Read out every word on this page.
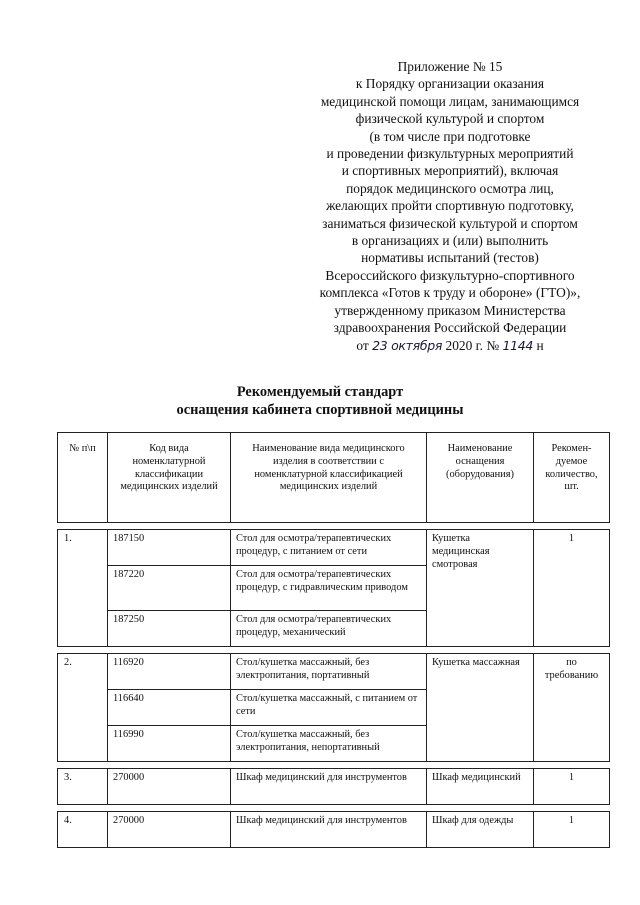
Приложение № 15
к Порядку организации оказания
медицинской помощи лицам, занимающимся
физической культурой и спортом
(в том числе при подготовке
и проведении физкультурных мероприятий
и спортивных мероприятий), включая
порядок медицинского осмотра лиц,
желающих пройти спортивную подготовку,
заниматься физической культурой и спортом
в организациях и (или) выполнить
нормативы испытаний (тестов)
Всероссийского физкультурно-спортивного
комплекса «Готов к труду и обороне» (ГТО)»,
утвержденному приказом Министерства
здравоохранения Российской Федерации
от 23 октября 2020 г. № 1144 н
Рекомендуемый стандарт
оснащения кабинета спортивной медицины
№ п\п	Код вида номенклатурной классификации медицинских изделий	Наименование вида медицинского изделия в соответствии с номенклатурной классификацией медицинских изделий	Наименование оснащения (оборудования)	Рекомен-дуемое количество, шт.

1.	187150	Стол для осмотра/терапевтических процедур, с питанием от сети	Кушетка медицинская смотровая	1
	187220	Стол для осмотра/терапевтических процедур, с гидравлическим приводом		
	187250	Стол для осмотра/терапевтических процедур, механический		

2.	116920	Стол/кушетка массажный, без электропитания, портативный	Кушетка массажная	по требованию
	116640	Стол/кушетка массажный, с питанием от сети		
	116990	Стол/кушетка массажный, без электропитания, непортативный		

3.	270000	Шкаф медицинский для инструментов	Шкаф медицинский	1

4.	270000	Шкаф медицинский для инструментов	Шкаф для одежды	1
